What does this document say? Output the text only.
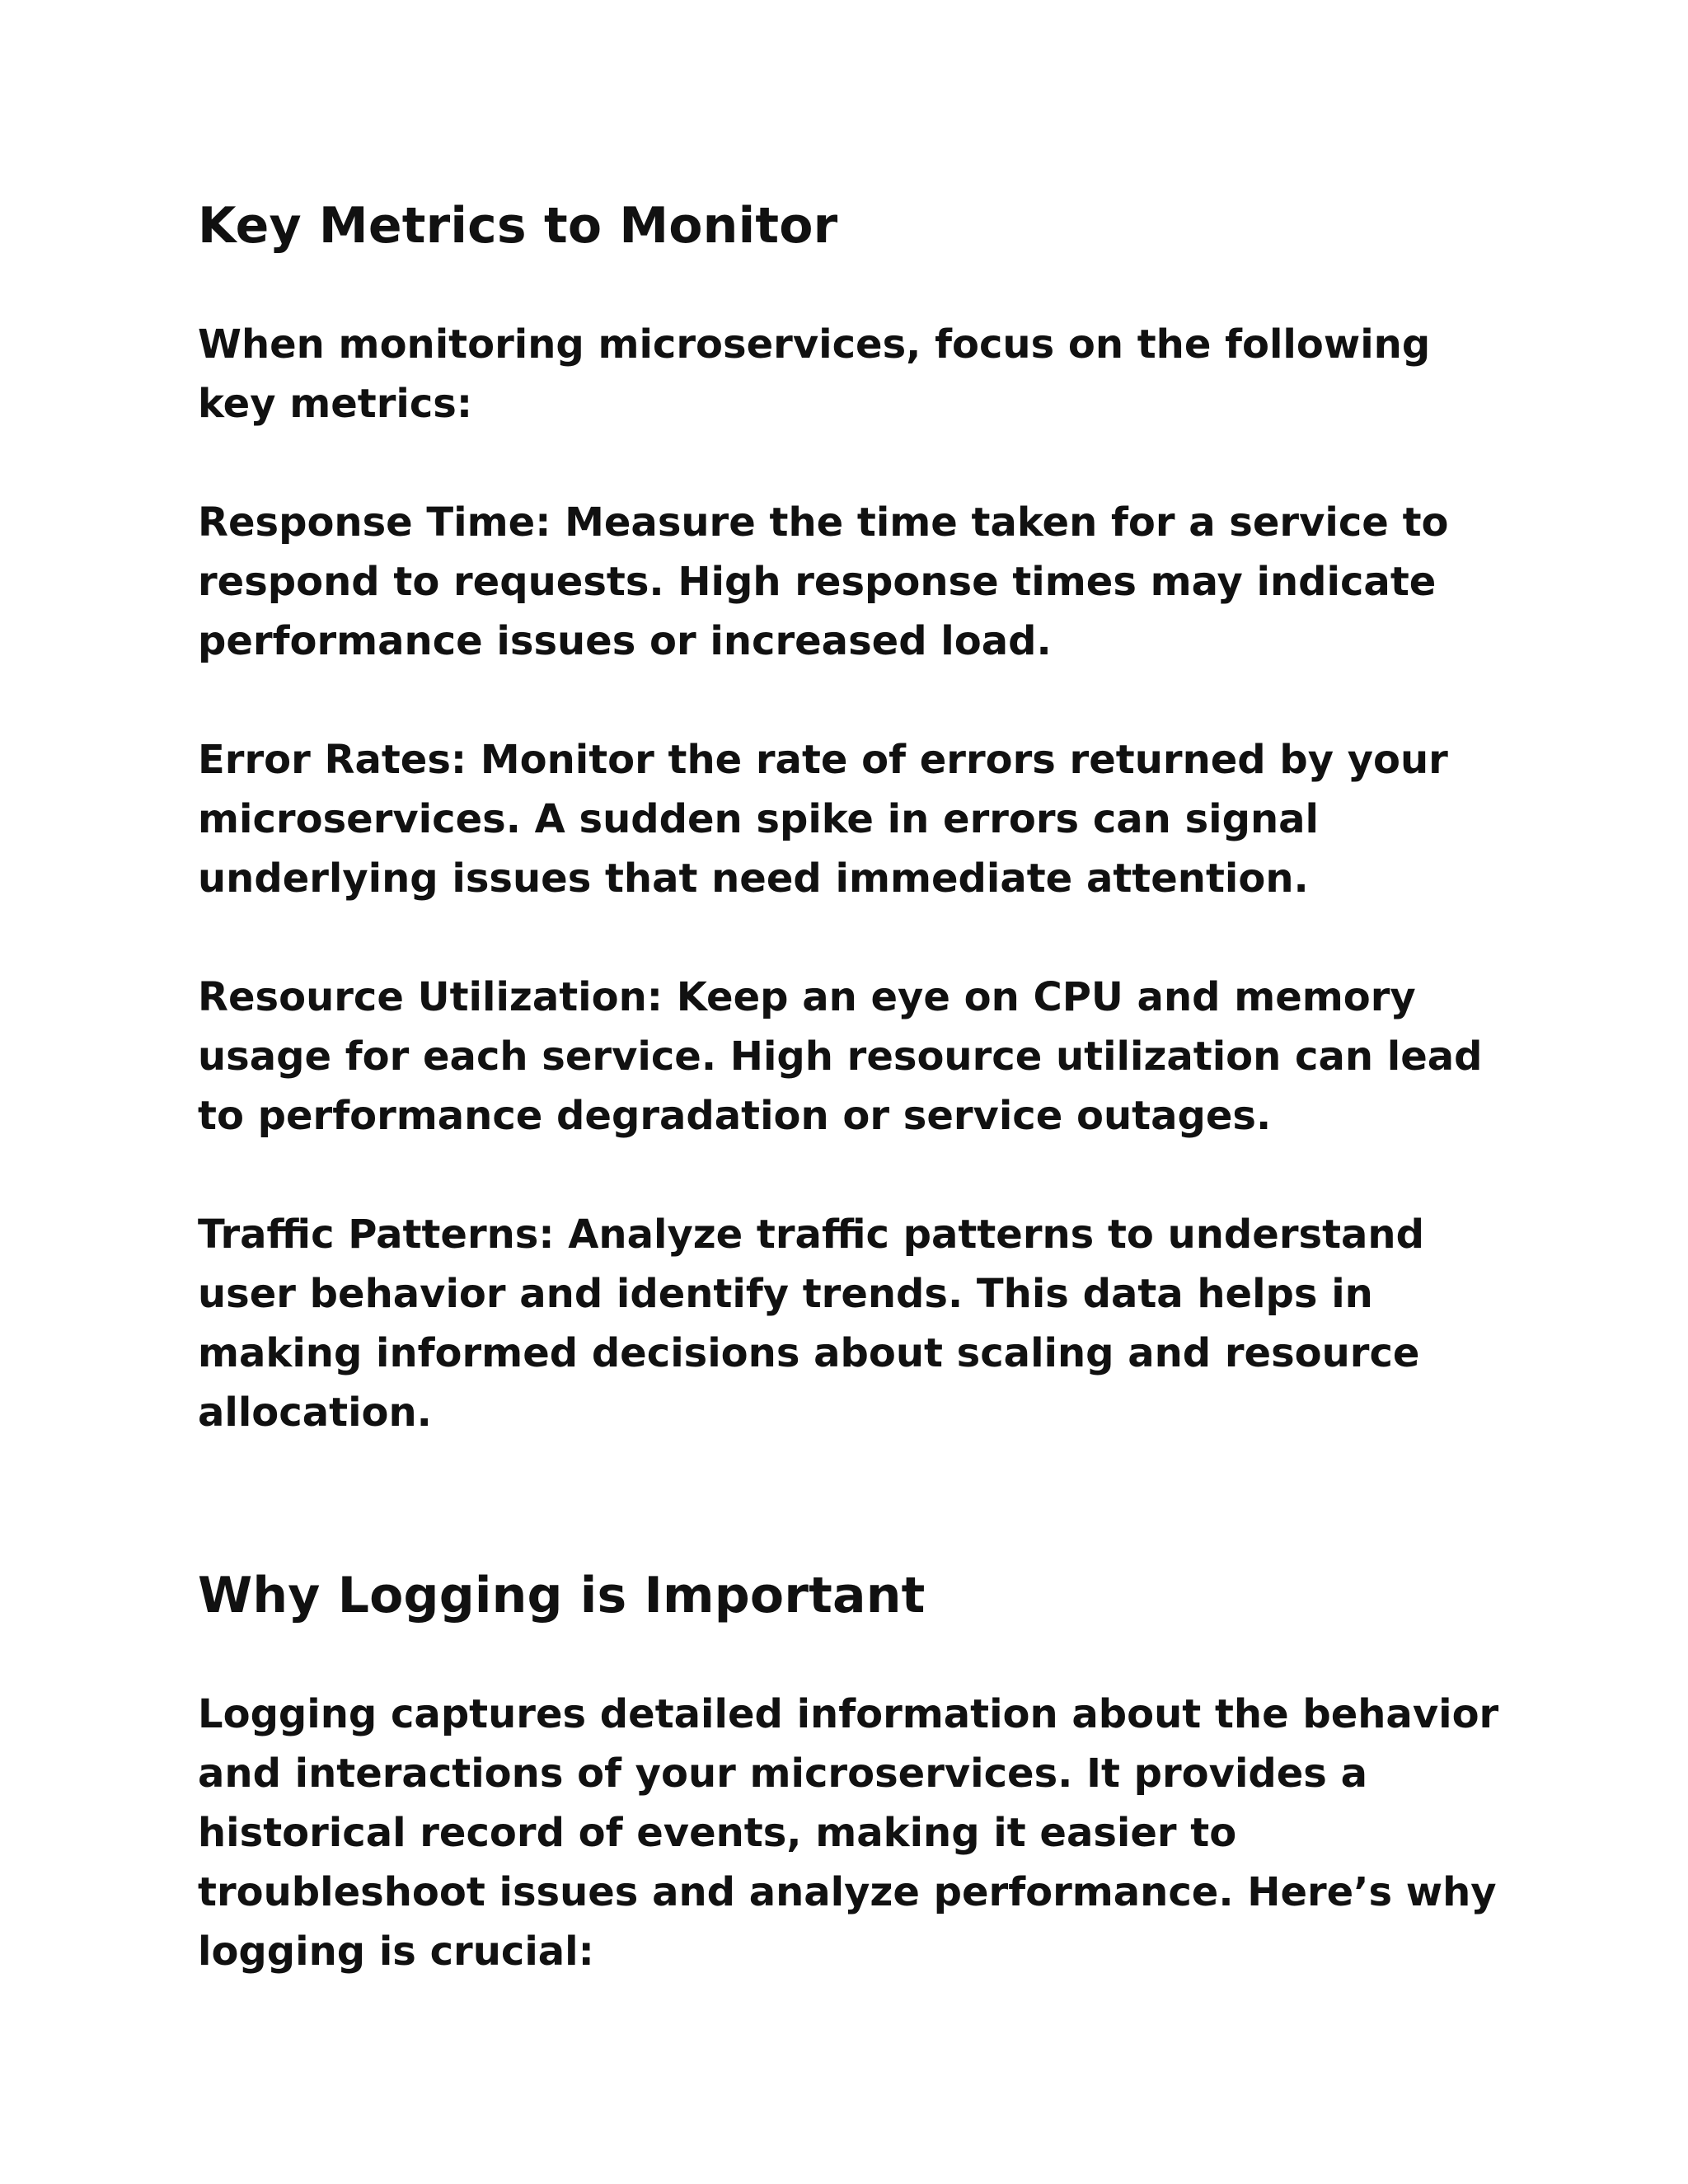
Key Metrics to Monitor

When monitoring microservices, focus on the following key metrics:

Response Time: Measure the time taken for a service to respond to requests. High response times may indicate performance issues or increased load.

Error Rates: Monitor the rate of errors returned by your microservices. A sudden spike in errors can signal underlying issues that need immediate attention.

Resource Utilization: Keep an eye on CPU and memory usage for each service. High resource utilization can lead to performance degradation or service outages.

Traffic Patterns: Analyze traffic patterns to understand user behavior and identify trends. This data helps in making informed decisions about scaling and resource allocation.

Why Logging is Important

Logging captures detailed information about the behavior and interactions of your microservices. It provides a historical record of events, making it easier to troubleshoot issues and analyze performance. Here’s why logging is crucial:
